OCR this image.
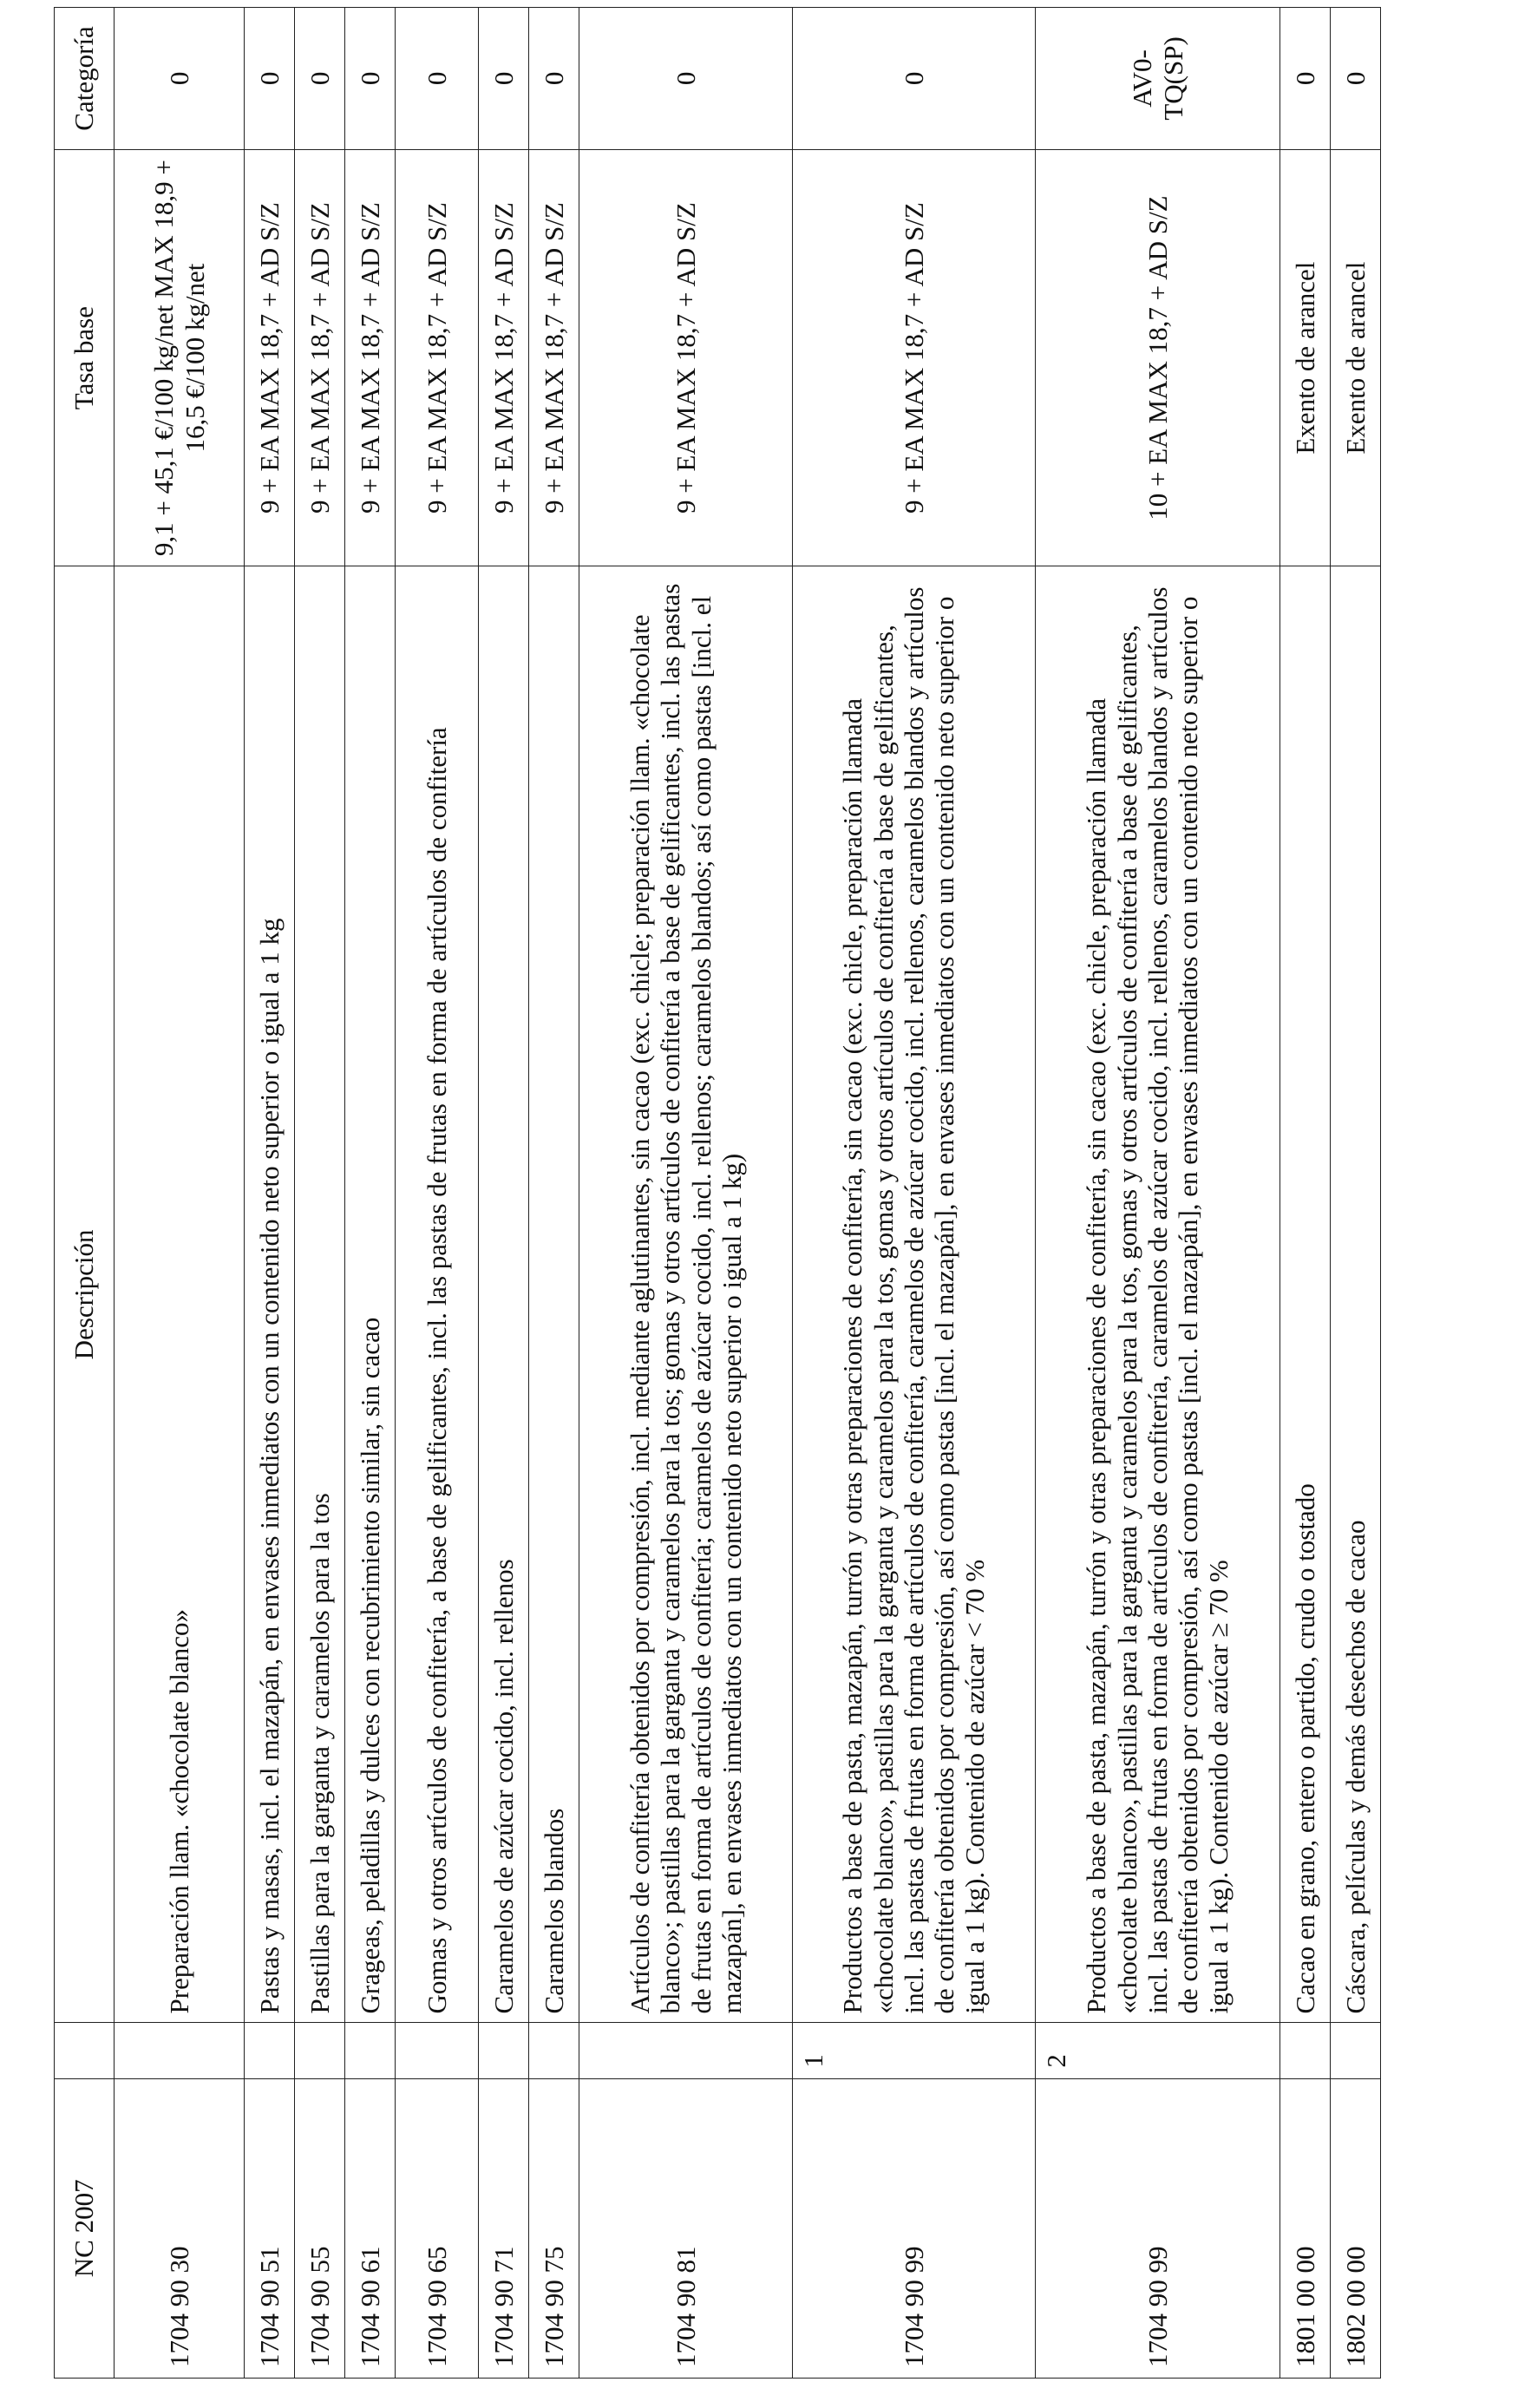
NC 2007		Descripción	Tasa base	Categoría
1704 90 30		Preparación llam. «chocolate blanco»	9,1 + 45,1 €/100 kg/net MAX 18,9 + 16,5 €/100 kg/net	0
1704 90 51		Pastas y masas, incl. el mazapán, en envases inmediatos con un contenido neto superior o igual a 1 kg	9 + EA MAX 18,7 + AD S/Z	0
1704 90 55		Pastillas para la garganta y caramelos para la tos	9 + EA MAX 18,7 + AD S/Z	0
1704 90 61		Grageas, peladillas y dulces con recubrimiento similar, sin cacao	9 + EA MAX 18,7 + AD S/Z	0
1704 90 65		Gomas y otros artículos de confitería, a base de gelificantes, incl. las pastas de frutas en forma de artículos de confitería	9 + EA MAX 18,7 + AD S/Z	0
1704 90 71		Caramelos de azúcar cocido, incl. rellenos	9 + EA MAX 18,7 + AD S/Z	0
1704 90 75		Caramelos blandos	9 + EA MAX 18,7 + AD S/Z	0
1704 90 81		Artículos de confitería obtenidos por compresión, incl. mediante aglutinantes, sin cacao (exc. chicle; preparación llam. «chocolate blanco»; pastillas para la garganta y caramelos para la tos; gomas y otros artículos de confitería a base de gelificantes, incl. las pastas de frutas en forma de artículos de confitería; caramelos de azúcar cocido, incl. rellenos; caramelos blandos; así como pastas [incl. el mazapán], en envases inmediatos con un contenido neto superior o igual a 1 kg)	9 + EA MAX 18,7 + AD S/Z	0
1704 90 99	1	Productos a base de pasta, mazapán, turrón y otras preparaciones de confitería, sin cacao (exc. chicle, preparación llamada «chocolate blanco», pastillas para la garganta y caramelos para la tos, gomas y otros artículos de confitería a base de gelificantes, incl. las pastas de frutas en forma de artículos de confitería, caramelos de azúcar cocido, incl. rellenos, caramelos blandos y artículos de confitería obtenidos por compresión, así como pastas [incl. el mazapán], en envases inmediatos con un contenido neto superior o igual a 1 kg). Contenido de azúcar < 70 %	9 + EA MAX 18,7 + AD S/Z	0
1704 90 99	2	Productos a base de pasta, mazapán, turrón y otras preparaciones de confitería, sin cacao (exc. chicle, preparación llamada «chocolate blanco», pastillas para la garganta y caramelos para la tos, gomas y otros artículos de confitería a base de gelificantes, incl. las pastas de frutas en forma de artículos de confitería, caramelos de azúcar cocido, incl. rellenos, caramelos blandos y artículos de confitería obtenidos por compresión, así como pastas [incl. el mazapán], en envases inmediatos con un contenido neto superior o igual a 1 kg). Contenido de azúcar ≥ 70 %	10 + EA MAX 18,7 + AD S/Z	AV0-TQ(SP)
1801 00 00		Cacao en grano, entero o partido, crudo o tostado	Exento de arancel	0
1802 00 00		Cáscara, películas y demás desechos de cacao	Exento de arancel	0
